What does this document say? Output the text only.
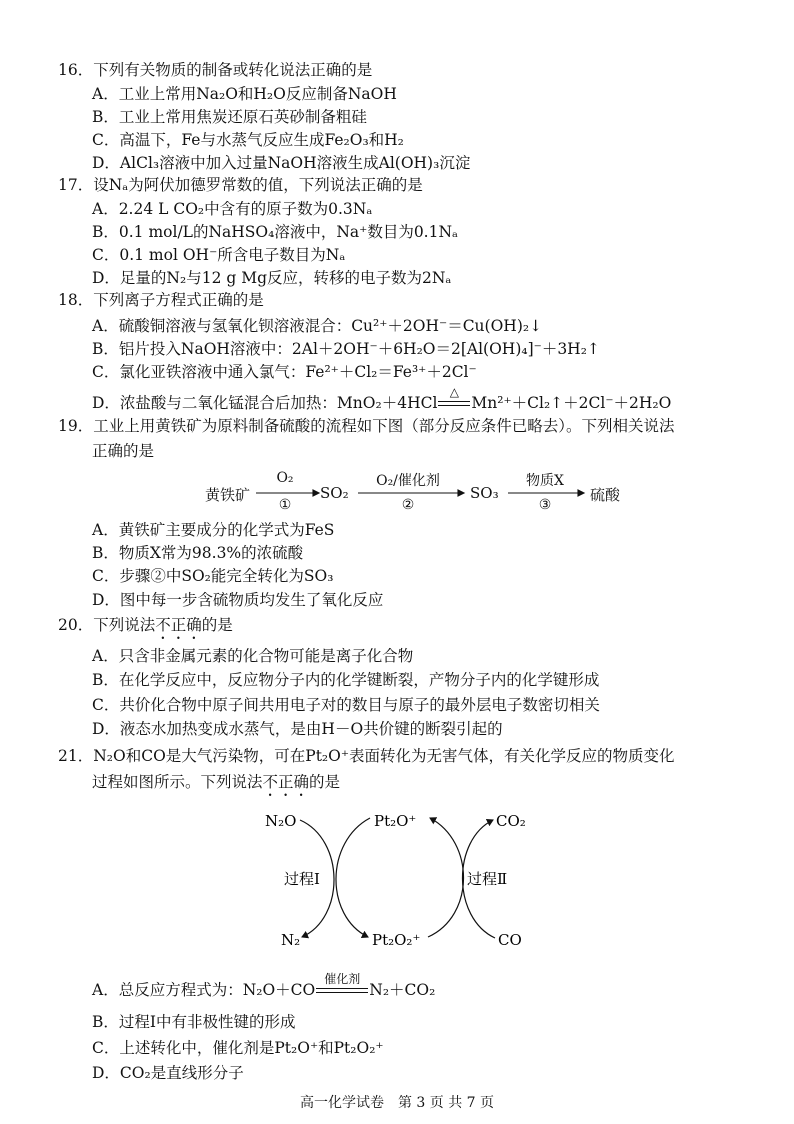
16．下列有关物质的制备或转化说法正确的是
A．工业上常用Na₂O和H₂O反应制备NaOH
B．工业上常用焦炭还原石英砂制备粗硅
C．高温下，Fe与水蒸气反应生成Fe₂O₃和H₂
D．AlCl₃溶液中加入过量NaOH溶液生成Al(OH)₃沉淀
17．设Nₐ为阿伏加德罗常数的值，下列说法正确的是
A．2.24 L CO₂中含有的原子数为0.3Nₐ
B．0.1 mol/L的NaHSO₄溶液中，Na⁺数目为0.1Nₐ
C．0.1 mol OH⁻所含电子数目为Nₐ
D．足量的N₂与12 g Mg反应，转移的电子数为2Nₐ
18．下列离子方程式正确的是
A．硫酸铜溶液与氢氧化钡溶液混合：Cu²⁺＋2OH⁻＝Cu(OH)₂↓
B．铝片投入NaOH溶液中：2Al＋2OH⁻＋6H₂O＝2[Al(OH)₄]⁻＋3H₂↑
C．氯化亚铁溶液中通入氯气：Fe²⁺＋Cl₂＝Fe³⁺＋2Cl⁻
D．浓盐酸与二氧化锰混合后加热：MnO₂＋4HCl
△
Mn²⁺＋Cl₂↑＋2Cl⁻＋2H₂O
19．工业上用黄铁矿为原料制备硫酸的流程如下图（部分反应条件已略去）。下列相关说法
正确的是
黄铁矿
O₂
①
SO₂
O₂/催化剂
②
SO₃
物质X
③
硫酸
A．黄铁矿主要成分的化学式为FeS
B．物质X常为98.3%的浓硫酸
C．步骤②中SO₂能完全转化为SO₃
D．图中每一步含硫物质均发生了氧化反应
20．下列说法不正确的是
A．只含非金属元素的化合物可能是离子化合物
B．在化学反应中，反应物分子内的化学键断裂，产物分子内的化学键形成
C．共价化合物中原子间共用电子对的数目与原子的最外层电子数密切相关
D．液态水加热变成水蒸气，是由H－O共价键的断裂引起的
21．N₂O和CO是大气污染物，可在Pt₂O⁺表面转化为无害气体，有关化学反应的物质变化
过程如图所示。下列说法不正确的是
N₂O	Pt₂O⁺	CO₂
过程Ⅰ	过程Ⅱ
N₂	Pt₂O₂⁺	CO
A．总反应方程式为：N₂O＋CO
催化剂
N₂＋CO₂
B．过程Ⅰ中有非极性键的形成
C．上述转化中，催化剂是Pt₂O⁺和Pt₂O₂⁺
D．CO₂是直线形分子
高一化学试卷　第 3 页 共 7 页
